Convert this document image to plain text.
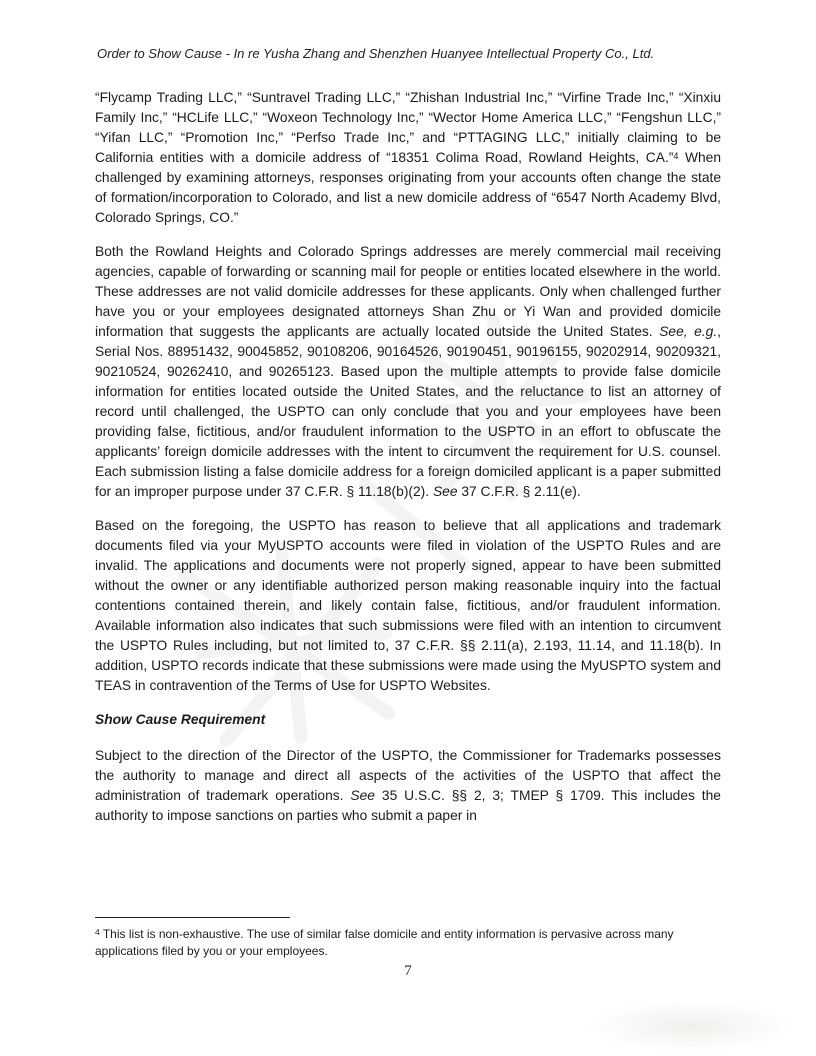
Order to Show Cause - In re Yusha Zhang and Shenzhen Huanyee Intellectual Property Co., Ltd.

“Flycamp Trading LLC,” “Suntravel Trading LLC,” “Zhishan Industrial Inc,” “Virfine Trade Inc,” “Xinxiu Family Inc,” “HCLife LLC,” “Woxeon Technology Inc,” “Wector Home America LLC,” “Fengshun LLC,” “Yifan LLC,” “Promotion Inc,” “Perfso Trade Inc,” and “PTTAGING LLC,” initially claiming to be California entities with a domicile address of “18351 Colima Road, Rowland Heights, CA.”$^4$ When challenged by examining attorneys, responses originating from your accounts often change the state of formation/incorporation to Colorado, and list a new domicile address of “6547 North Academy Blvd, Colorado Springs, CO.”

Both the Rowland Heights and Colorado Springs addresses are merely commercial mail receiving agencies, capable of forwarding or scanning mail for people or entities located elsewhere in the world. These addresses are not valid domicile addresses for these applicants. Only when challenged further have you or your employees designated attorneys Shan Zhu or Yi Wan and provided domicile information that suggests the applicants are actually located outside the United States. See, e.g., Serial Nos. 88951432, 90045852, 90108206, 90164526, 90190451, 90196155, 90202914, 90209321, 90210524, 90262410, and 90265123. Based upon the multiple attempts to provide false domicile information for entities located outside the United States, and the reluctance to list an attorney of record until challenged, the USPTO can only conclude that you and your employees have been providing false, fictitious, and/or fraudulent information to the USPTO in an effort to obfuscate the applicants’ foreign domicile addresses with the intent to circumvent the requirement for U.S. counsel. Each submission listing a false domicile address for a foreign domiciled applicant is a paper submitted for an improper purpose under 37 C.F.R. § 11.18(b)(2). See 37 C.F.R. § 2.11(e).

Based on the foregoing, the USPTO has reason to believe that all applications and trademark documents filed via your MyUSPTO accounts were filed in violation of the USPTO Rules and are invalid. The applications and documents were not properly signed, appear to have been submitted without the owner or any identifiable authorized person making reasonable inquiry into the factual contentions contained therein, and likely contain false, fictitious, and/or fraudulent information. Available information also indicates that such submissions were filed with an intention to circumvent the USPTO Rules including, but not limited to, 37 C.F.R. §§ 2.11(a), 2.193, 11.14, and 11.18(b). In addition, USPTO records indicate that these submissions were made using the MyUSPTO system and TEAS in contravention of the Terms of Use for USPTO Websites.

Show Cause Requirement

Subject to the direction of the Director of the USPTO, the Commissioner for Trademarks possesses the authority to manage and direct all aspects of the activities of the USPTO that affect the administration of trademark operations. See 35 U.S.C. §§ 2, 3; TMEP § 1709. This includes the authority to impose sanctions on parties who submit a paper in

$^4$ This list is non-exhaustive. The use of similar false domicile and entity information is pervasive across many applications filed by you or your employees.
7
